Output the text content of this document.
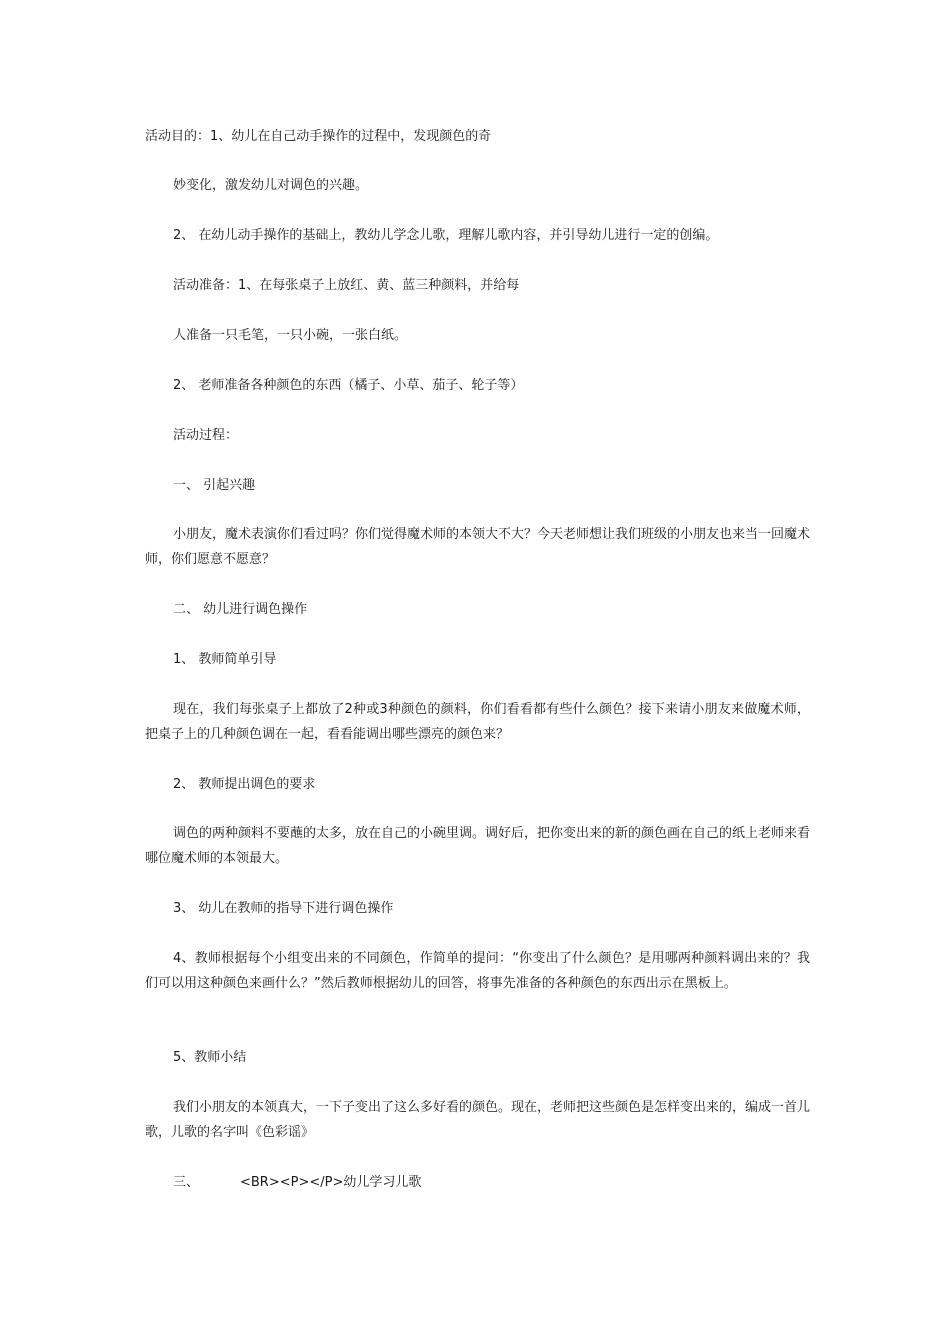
活动目的：1、幼儿在自己动手操作的过程中，发现颜色的奇
妙变化，激发幼儿对调色的兴趣。
2、 在幼儿动手操作的基础上，教幼儿学念儿歌，理解儿歌内容，并引导幼儿进行一定的创编。
活动准备：1、在每张桌子上放红、黄、蓝三种颜料，并给每
人准备一只毛笔，一只小碗，一张白纸。
2、 老师准备各种颜色的东西（橘子、小草、茄子、轮子等）
活动过程：
一、 引起兴趣
小朋友，魔术表演你们看过吗？你们觉得魔术师的本领大不大？今天老师想让我们班级的小朋友也来当一回魔术师，你们愿意不愿意？
二、 幼儿进行调色操作
1、 教师简单引导
现在，我们每张桌子上都放了2种或3种颜色的颜料，你们看看都有些什么颜色？接下来请小朋友来做魔术师，把桌子上的几种颜色调在一起，看看能调出哪些漂亮的颜色来？
2、 教师提出调色的要求
调色的两种颜料不要蘸的太多，放在自己的小碗里调。调好后，把你变出来的新的颜色画在自己的纸上老师来看哪位魔术师的本领最大。
3、 幼儿在教师的指导下进行调色操作
4、教师根据每个小组变出来的不同颜色，作简单的提问：“你变出了什么颜色？是用哪两种颜料调出来的？我们可以用这种颜色来画什么？”然后教师根据幼儿的回答，将事先准备的各种颜色的东西出示在黑板上。
5、教师小结
我们小朋友的本领真大，一下子变出了这么多好看的颜色。现在，老师把这些颜色是怎样变出来的，编成一首儿歌，儿歌的名字叫《色彩谣》
三、	<BR><P></P>幼儿学习儿歌
